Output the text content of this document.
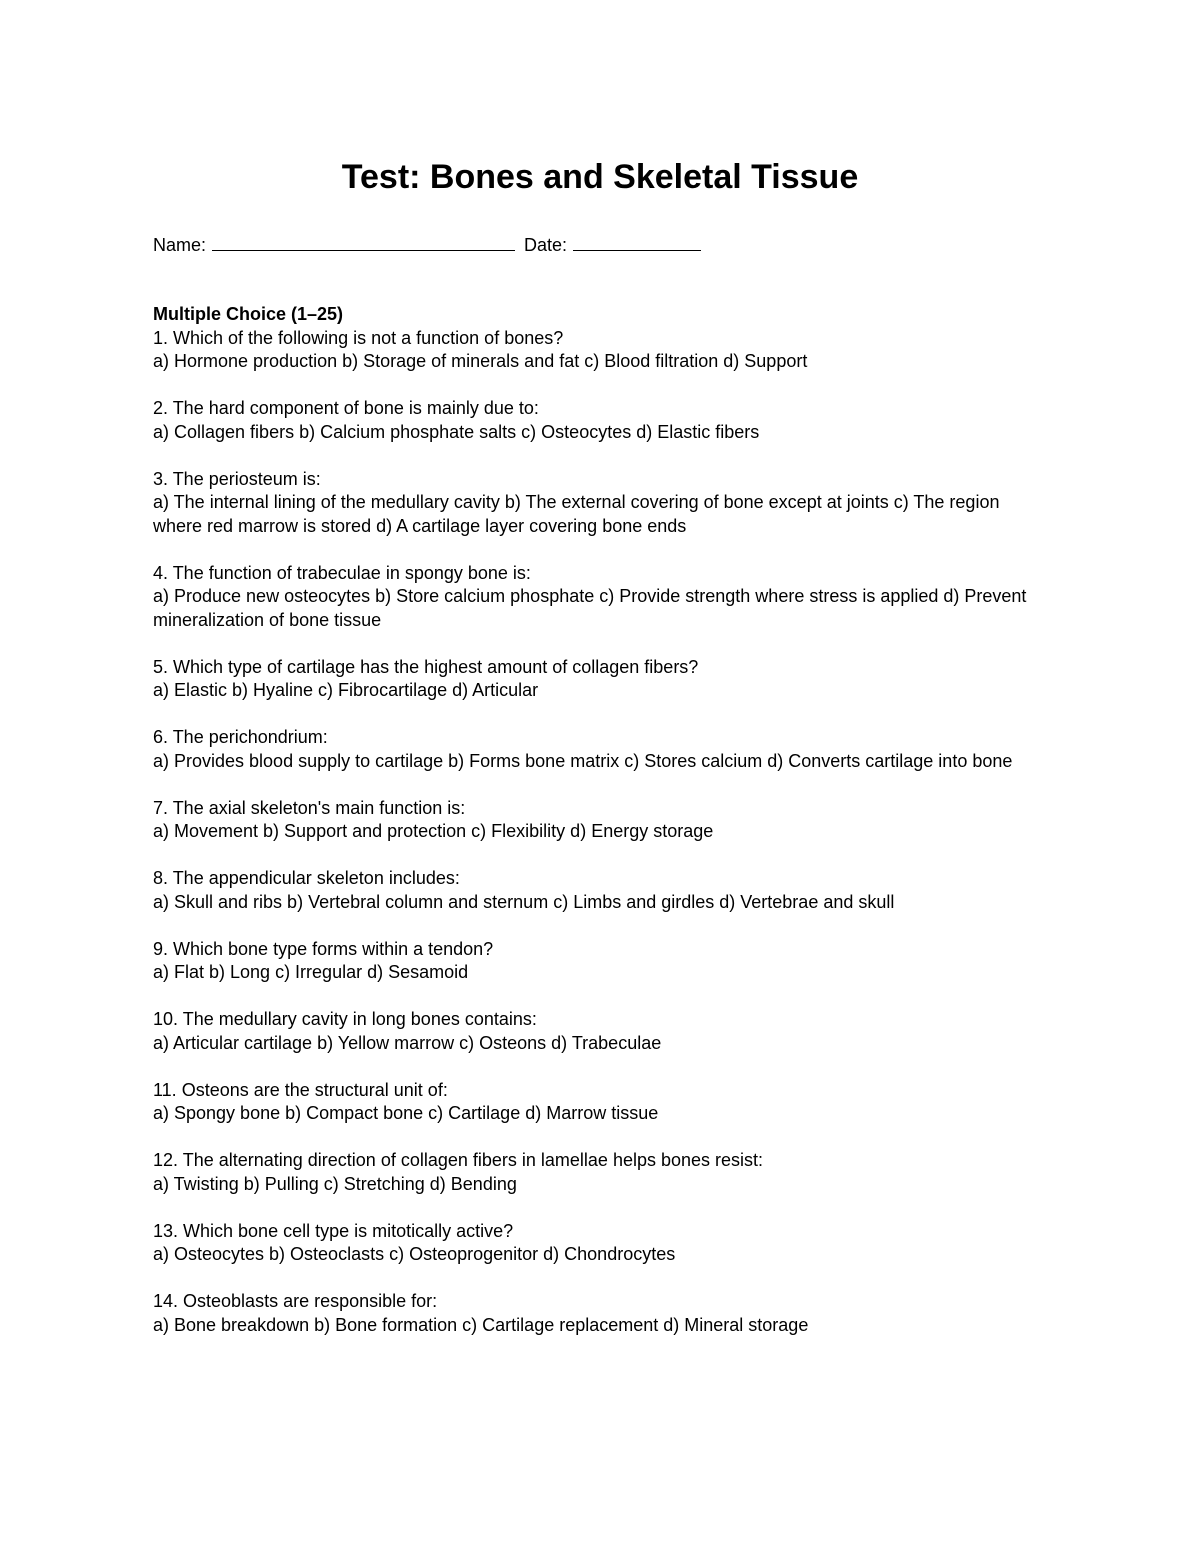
Test: Bones and Skeletal Tissue
Name:	Date:
Multiple Choice (1–25)

1. Which of the following is not a function of bones?

a) Hormone production b) Storage of minerals and fat c) Blood filtration d) Support

2. The hard component of bone is mainly due to:

a) Collagen fibers b) Calcium phosphate salts c) Osteocytes d) Elastic fibers

3. The periosteum is:

a) The internal lining of the medullary cavity b) The external covering of bone except at joints c) The region where red marrow is stored d) A cartilage layer covering bone ends

4. The function of trabeculae in spongy bone is:

a) Produce new osteocytes b) Store calcium phosphate c) Provide strength where stress is applied d) Prevent mineralization of bone tissue

5. Which type of cartilage has the highest amount of collagen fibers?

a) Elastic b) Hyaline c) Fibrocartilage d) Articular

6. The perichondrium:

a) Provides blood supply to cartilage b) Forms bone matrix c) Stores calcium d) Converts cartilage into bone

7. The axial skeleton's main function is:

a) Movement b) Support and protection c) Flexibility d) Energy storage

8. The appendicular skeleton includes:

a) Skull and ribs b) Vertebral column and sternum c) Limbs and girdles d) Vertebrae and skull

9. Which bone type forms within a tendon?

a) Flat b) Long c) Irregular d) Sesamoid

10. The medullary cavity in long bones contains:

a) Articular cartilage b) Yellow marrow c) Osteons d) Trabeculae

11. Osteons are the structural unit of:

a) Spongy bone b) Compact bone c) Cartilage d) Marrow tissue

12. The alternating direction of collagen fibers in lamellae helps bones resist:

a) Twisting b) Pulling c) Stretching d) Bending

13. Which bone cell type is mitotically active?

a) Osteocytes b) Osteoclasts c) Osteoprogenitor d) Chondrocytes

14. Osteoblasts are responsible for:

a) Bone breakdown b) Bone formation c) Cartilage replacement d) Mineral storage
